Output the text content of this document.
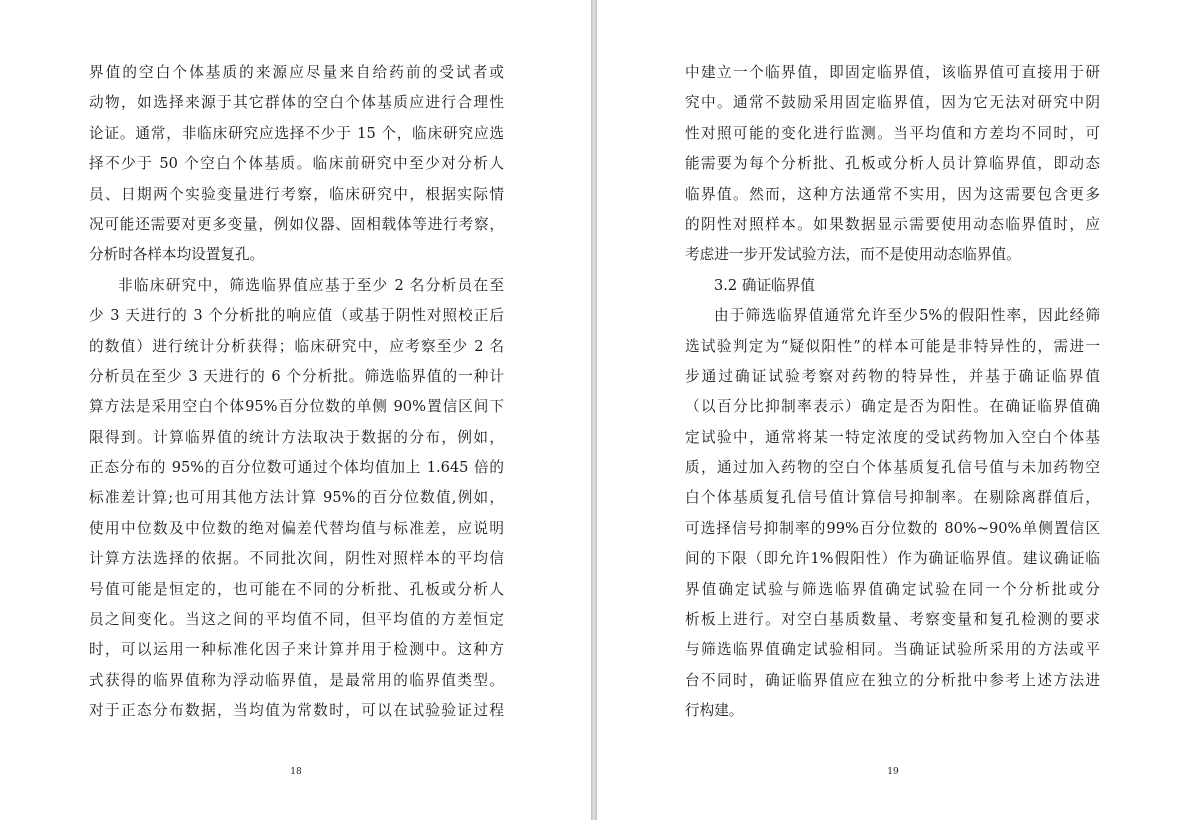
界值的空白个体基质的来源应尽量来自给药前的受试者或
动物，如选择来源于其它群体的空白个体基质应进行合理性
论证。通常，非临床研究应选择不少于 15 个，临床研究应选
择不少于 50 个空白个体基质。临床前研究中至少对分析人
员、日期两个实验变量进行考察，临床研究中，根据实际情
况可能还需要对更多变量，例如仪器、固相载体等进行考察，
分析时各样本均设置复孔。
非临床研究中，筛选临界值应基于至少 2 名分析员在至
少 3 天进行的 3 个分析批的响应值（或基于阴性对照校正后
的数值）进行统计分析获得；临床研究中，应考察至少 2 名
分析员在至少 3 天进行的 6 个分析批。筛选临界值的一种计
算方法是采用空白个体95%百分位数的单侧 90%置信区间下
限得到。计算临界值的统计方法取决于数据的分布，例如，
正态分布的 95%的百分位数可通过个体均值加上 1.645 倍的
标准差计算;也可用其他方法计算 95%的百分位数值,例如，
使用中位数及中位数的绝对偏差代替均值与标准差，应说明
计算方法选择的依据。不同批次间，阴性对照样本的平均信
号值可能是恒定的，也可能在不同的分析批、孔板或分析人
员之间变化。当这之间的平均值不同，但平均值的方差恒定
时，可以运用一种标准化因子来计算并用于检测中。这种方
式获得的临界值称为浮动临界值，是最常用的临界值类型。
对于正态分布数据，当均值为常数时，可以在试验验证过程
18
中建立一个临界值，即固定临界值，该临界值可直接用于研
究中。通常不鼓励采用固定临界值，因为它无法对研究中阴
性对照可能的变化进行监测。当平均值和方差均不同时，可
能需要为每个分析批、孔板或分析人员计算临界值，即动态
临界值。然而，这种方法通常不实用，因为这需要包含更多
的阴性对照样本。如果数据显示需要使用动态临界值时，应
考虑进一步开发试验方法，而不是使用动态临界值。
3.2 确证临界值
由于筛选临界值通常允许至少5%的假阳性率，因此经筛
选试验判定为“疑似阳性”的样本可能是非特异性的，需进一
步通过确证试验考察对药物的特异性，并基于确证临界值
（以百分比抑制率表示）确定是否为阳性。在确证临界值确
定试验中，通常将某一特定浓度的受试药物加入空白个体基
质，通过加入药物的空白个体基质复孔信号值与未加药物空
白个体基质复孔信号值计算信号抑制率。在剔除离群值后，
可选择信号抑制率的99%百分位数的 80%~90%单侧置信区
间的下限（即允许1%假阳性）作为确证临界值。建议确证临
界值确定试验与筛选临界值确定试验在同一个分析批或分
析板上进行。对空白基质数量、考察变量和复孔检测的要求
与筛选临界值确定试验相同。当确证试验所采用的方法或平
台不同时，确证临界值应在独立的分析批中参考上述方法进
行构建。
19
